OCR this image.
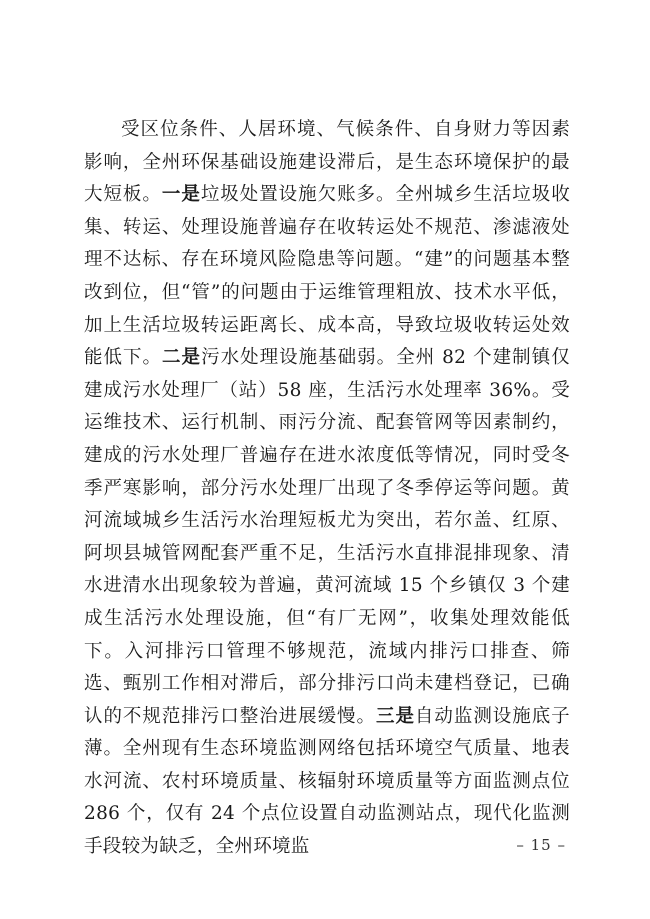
受区位条件、人居环境、气候条件、自身财力等因素影响，全州环保基础设施建设滞后，是生态环境保护的最大短板。一是垃圾处置设施欠账多。全州城乡生活垃圾收集、转运、处理设施普遍存在收转运处不规范、渗滤液处理不达标、存在环境风险隐患等问题。“建”的问题基本整改到位，但“管”的问题由于运维管理粗放、技术水平低，加上生活垃圾转运距离长、成本高，导致垃圾收转运处效能低下。二是污水处理设施基础弱。全州 82 个建制镇仅建成污水处理厂（站）58 座，生活污水处理率 36%。受运维技术、运行机制、雨污分流、配套管网等因素制约，建成的污水处理厂普遍存在进水浓度低等情况，同时受冬季严寒影响，部分污水处理厂出现了冬季停运等问题。黄河流域城乡生活污水治理短板尤为突出，若尔盖、红原、阿坝县城管网配套严重不足，生活污水直排混排现象、清水进清水出现象较为普遍，黄河流域 15 个乡镇仅 3 个建成生活污水处理设施，但“有厂无网”，收集处理效能低下。入河排污口管理不够规范，流域内排污口排查、筛选、甄别工作相对滞后，部分排污口尚未建档登记，已确认的不规范排污口整治进展缓慢。三是自动监测设施底子薄。全州现有生态环境监测网络包括环境空气质量、地表水河流、农村环境质量、核辐射环境质量等方面监测点位 286 个，仅有 24 个点位设置自动监测站点，现代化监测手段较为缺乏，全州环境监	– 15 –
